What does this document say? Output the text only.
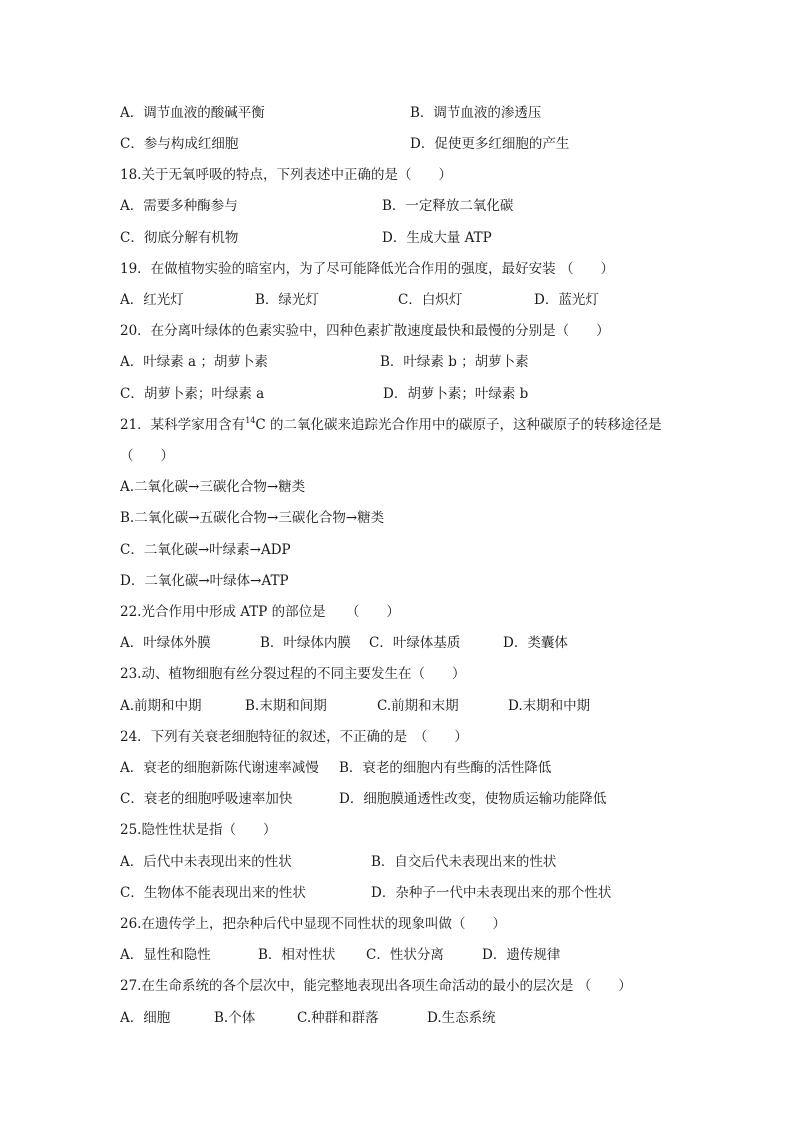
A．调节血液的酸碱平衡	B．调节血液的渗透压
C．参与构成红细胞	D．促使更多红细胞的产生
18.关于无氧呼吸的特点，下列表述中正确的是（　　）
A．需要多种酶参与	B．一定释放二氧化碳
C．彻底分解有机物	D．生成大量 ATP
19．在做植物实验的暗室内，为了尽可能降低光合作用的强度，最好安装 （　　）
A．红光灯	B．绿光灯	C．白炽灯	D．蓝光灯
20．在分离叶绿体的色素实验中，四种色素扩散速度最快和最慢的分别是（　　）
A．叶绿素 a ；胡萝卜素	B．叶绿素 b ；胡萝卜素
C．胡萝卜素；叶绿素 a	D．胡萝卜素；叶绿素 b
21．某科学家用含有$^{14}$C 的二氧化碳来追踪光合作用中的碳原子，这种碳原子的转移途径是
（　　）
A.二氧化碳→三碳化合物→糖类
B.二氧化碳→五碳化合物→三碳化合物→糖类
C．二氧化碳→叶绿素→ADP
D．二氧化碳→叶绿体→ATP
22.光合作用中形成 ATP 的部位是　　（　　）
A．叶绿体外膜	B．叶绿体内膜 C．叶绿体基质	D．类囊体
23.动、植物细胞有丝分裂过程的不同主要发生在（　　）
A.前期和中期	B.末期和间期	C.前期和末期	D.末期和中期
24．下列有关衰老细胞特征的叙述，不正确的是　（　　）
A．衰老的细胞新陈代谢速率减慢 B．衰老的细胞内有些酶的活性降低
C．衰老的细胞呼吸速率加快	D．细胞膜通透性改变，使物质运输功能降低
25.隐性性状是指（　　）
A．后代中未表现出来的性状	B．自交后代未表现出来的性状
C．生物体不能表现出来的性状	D．杂种子一代中未表现出来的那个性状
26.在遗传学上，把杂种后代中显现不同性状的现象叫做（　　）
A．显性和隐性	B．相对性状 C．性状分离	D．遗传规律
27.在生命系统的各个层次中，能完整地表现出各项生命活动的最小的层次是 （　　）
A．细胞	B.个体	C.种群和群落	D.生态系统
